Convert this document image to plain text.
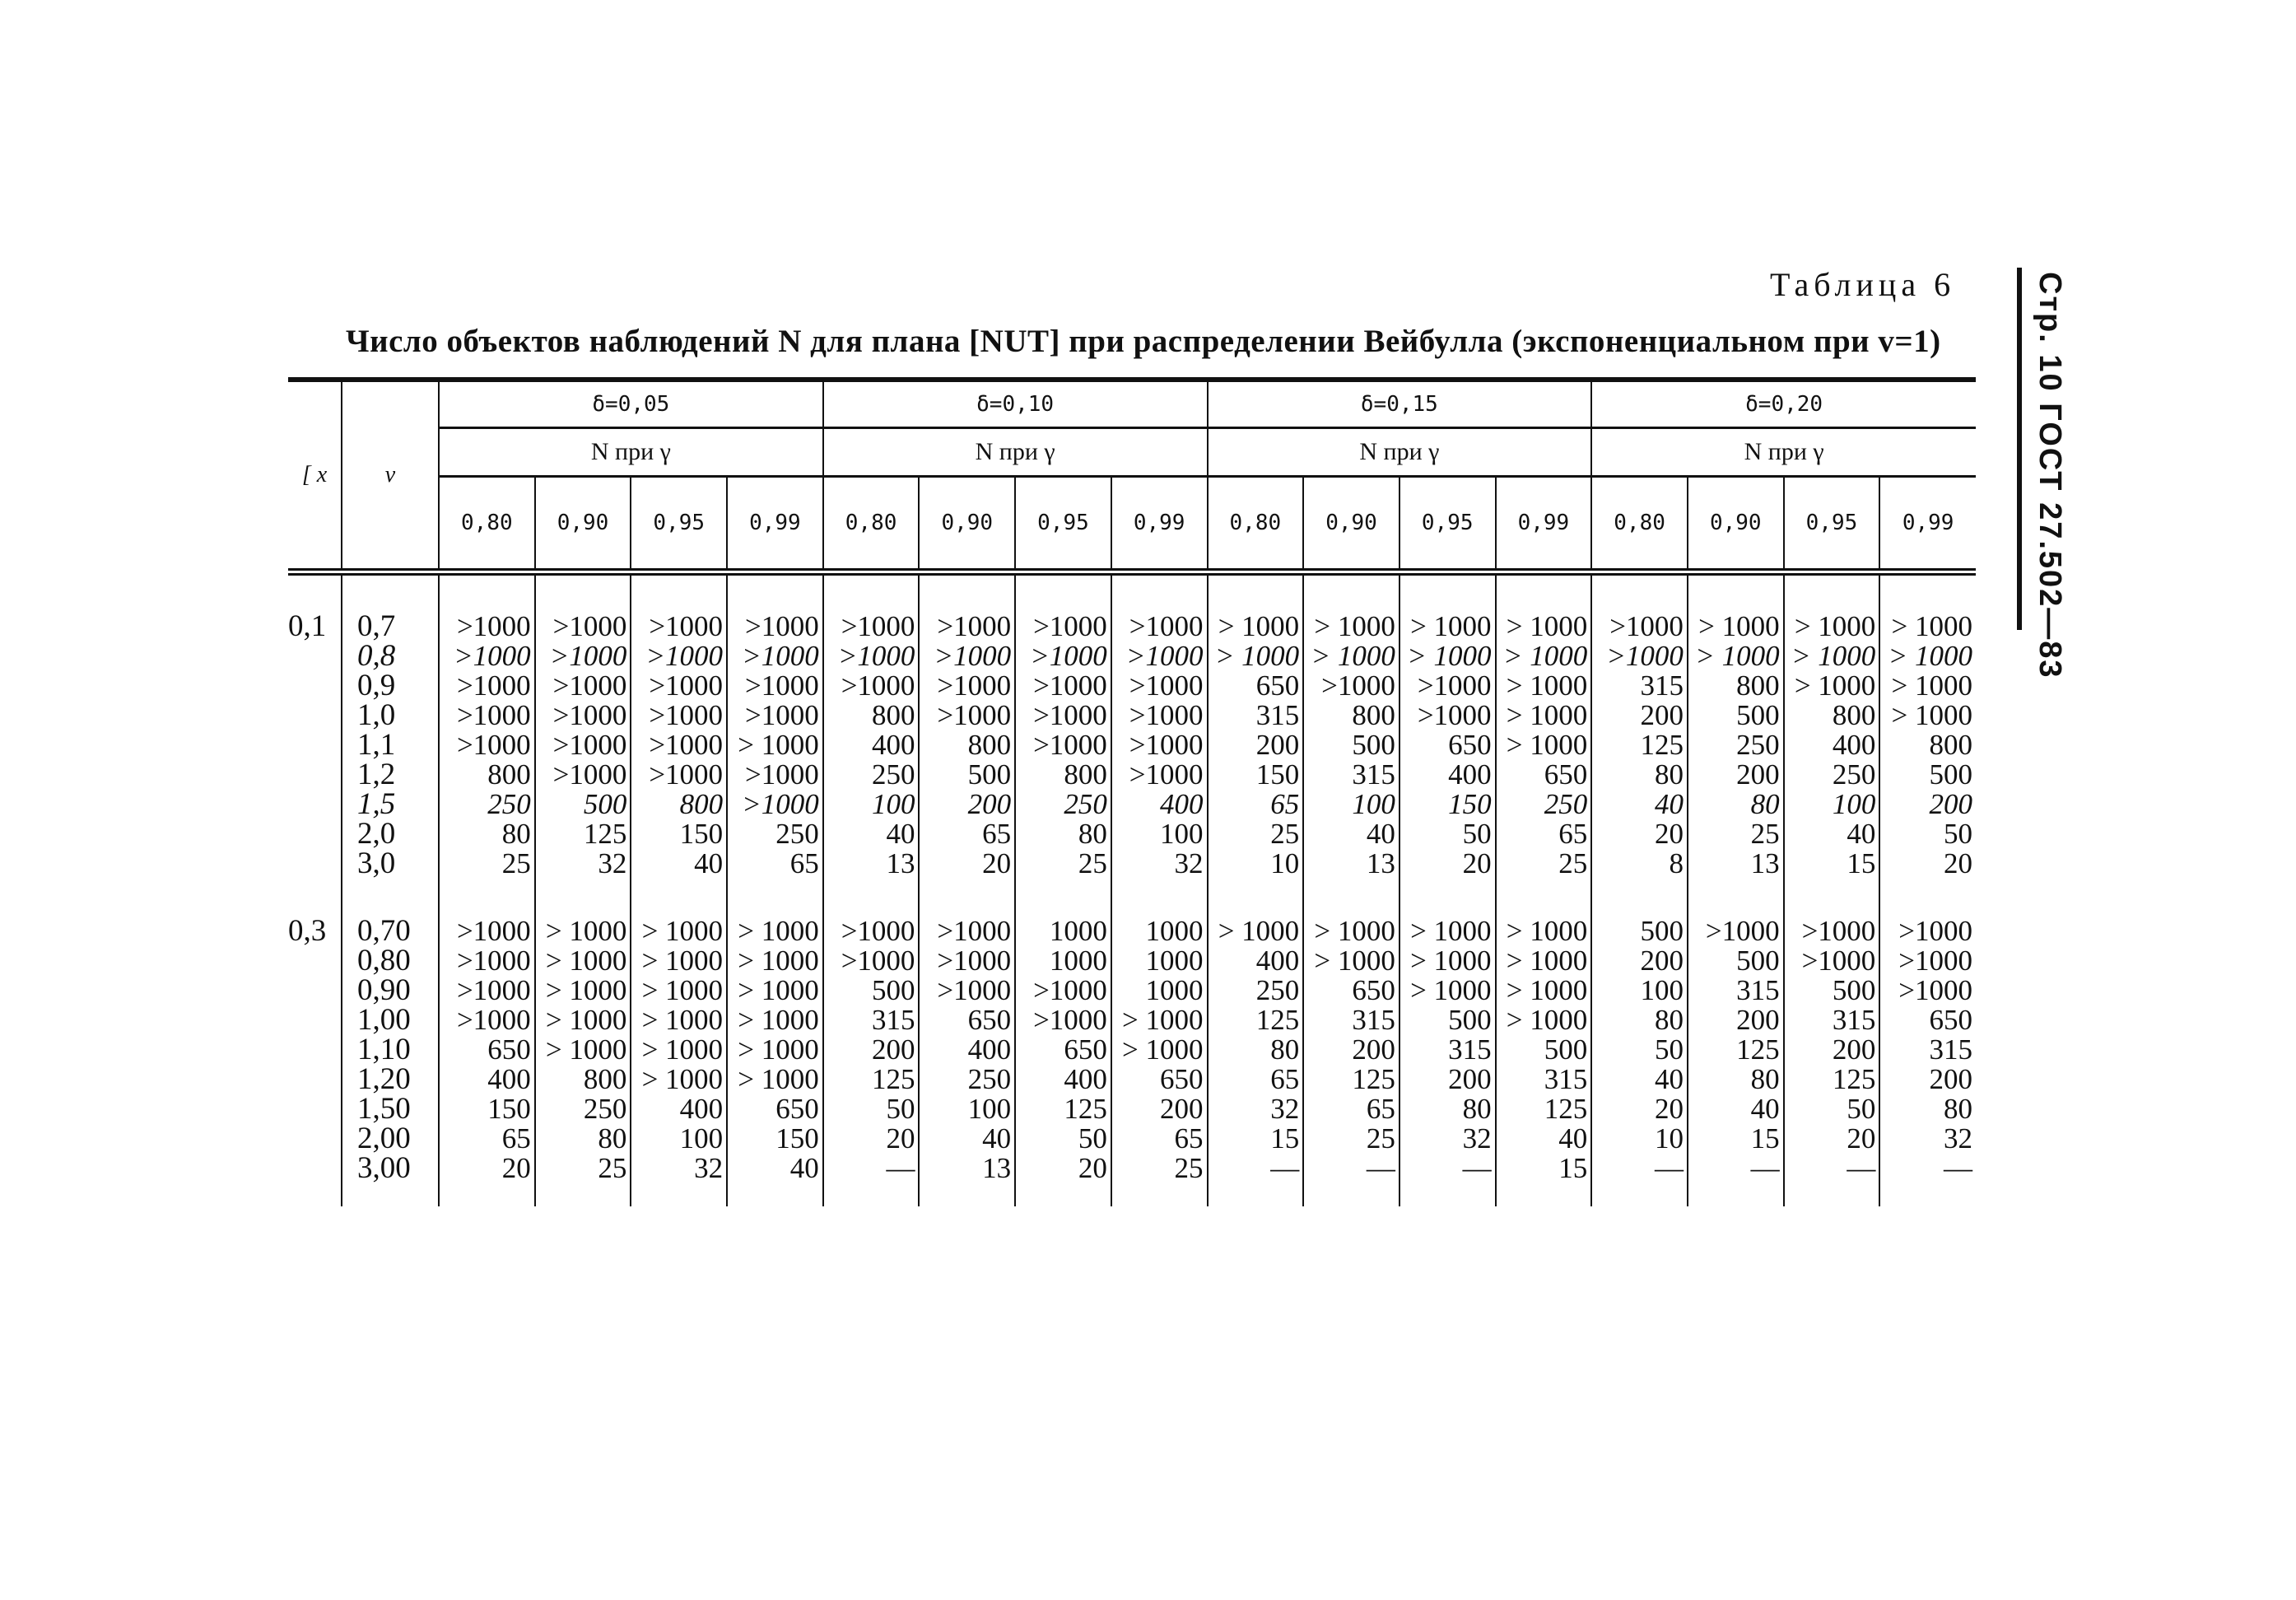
Таблица 6
Число объектов наблюдений N для плана [NUT] при распределении Вейбулла (экспоненциальном при v=1)	Стр. 10 ГОСТ 27.502—83
[ x	v	δ=0,05				δ=0,10				δ=0,15				δ=0,20			
		N при γ				N при γ				N при γ				N при γ			
		0,80	0,90	0,95	0,99	0,80	0,90	0,95	0,99	0,80	0,90	0,95	0,99	0,80	0,90	0,95	0,99

0,1	0,7	>1000	>1000	>1000	>1000	>1000	>1000	>1000	>1000	> 1000	> 1000	> 1000	> 1000	>1000	> 1000	> 1000	> 1000
	0,8	>1000	>1000	>1000	>1000	>1000	>1000	>1000	>1000	> 1000	> 1000	> 1000	> 1000	>1000	> 1000	> 1000	> 1000
	0,9	>1000	>1000	>1000	>1000	>1000	>1000	>1000	>1000	650	>1000	>1000	> 1000	315	800	> 1000	> 1000
	1,0	>1000	>1000	>1000	>1000	800	>1000	>1000	>1000	315	800	>1000	> 1000	200	500	800	> 1000
	1,1	>1000	>1000	>1000	> 1000	400	800	>1000	>1000	200	500	650	> 1000	125	250	400	800
	1,2	800	>1000	>1000	>1000	250	500	800	>1000	150	315	400	650	80	200	250	500
	1,5	250	500	800	>1000	100	200	250	400	65	100	150	250	40	80	100	200
	2,0	80	125	150	250	40	65	80	100	25	40	50	65	20	25	40	50
	3,0	25	32	40	65	13	20	25	32	10	13	20	25	8	13	15	20

0,3	0,70	>1000	> 1000	> 1000	> 1000	>1000	>1000	1000	1000	> 1000	> 1000	> 1000	> 1000	500	>1000	>1000	>1000
	0,80	>1000	> 1000	> 1000	> 1000	>1000	>1000	1000	1000	400	> 1000	> 1000	> 1000	200	500	>1000	>1000
	0,90	>1000	> 1000	> 1000	> 1000	500	>1000	>1000	1000	250	650	> 1000	> 1000	100	315	500	>1000
	1,00	>1000	> 1000	> 1000	> 1000	315	650	>1000	> 1000	125	315	500	> 1000	80	200	315	650
	1,10	650	> 1000	> 1000	> 1000	200	400	650	> 1000	80	200	315	500	50	125	200	315
	1,20	400	800	> 1000	> 1000	125	250	400	650	65	125	200	315	40	80	125	200
	1,50	150	250	400	650	50	100	125	200	32	65	80	125	20	40	50	80
	2,00	65	80	100	150	20	40	50	65	15	25	32	40	10	15	20	32
	3,00	20	25	32	40	—	13	20	25	—	—	—	15	—	—	—	—
